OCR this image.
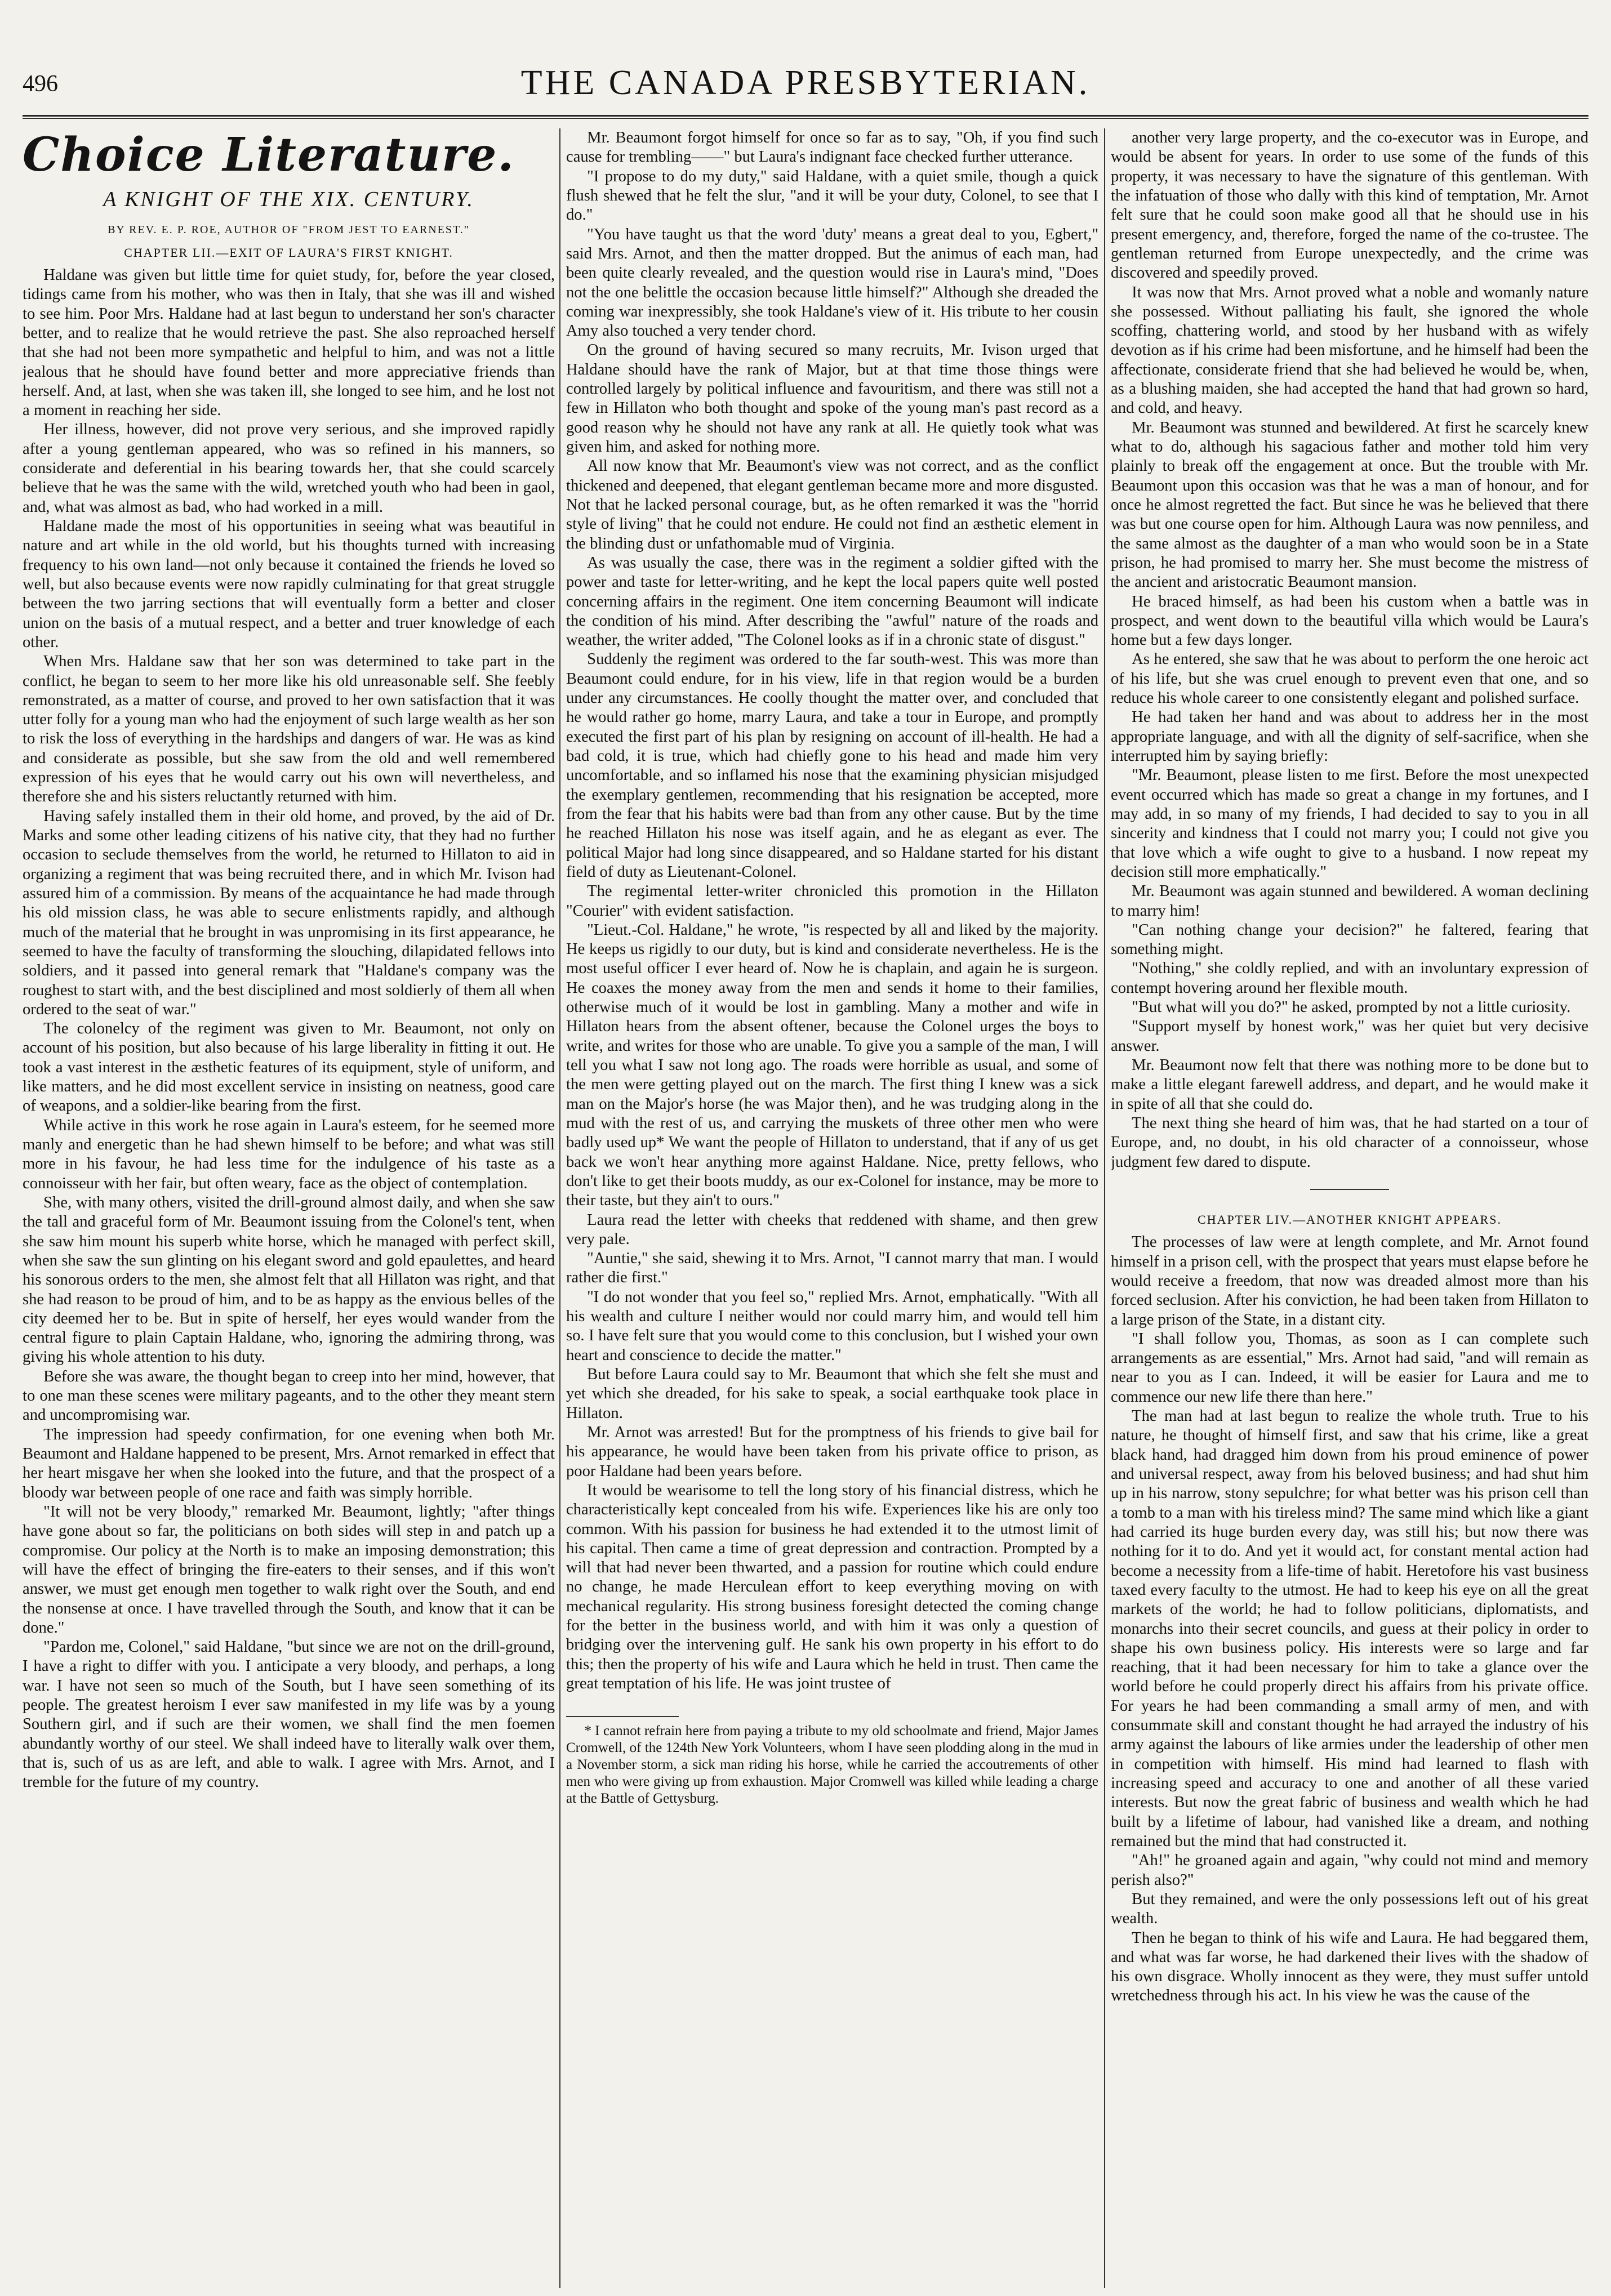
496	THE CANADA PRESBYTERIAN.
Choice Literature.
A KNIGHT OF THE XIX. CENTURY.
BY REV. E. P. ROE, AUTHOR OF "FROM JEST TO EARNEST."
CHAPTER LII.—EXIT OF LAURA'S FIRST KNIGHT.

Haldane was given but little time for quiet study, for, before the year closed, tidings came from his mother, who was then in Italy, that she was ill and wished to see him. Poor Mrs. Haldane had at last begun to understand her son's character better, and to realize that he would retrieve the past. She also reproached herself that she had not been more sympathetic and helpful to him, and was not a little jealous that he should have found better and more appreciative friends than herself. And, at last, when she was taken ill, she longed to see him, and he lost not a moment in reaching her side.

Her illness, however, did not prove very serious, and she improved rapidly after a young gentleman appeared, who was so refined in his manners, so considerate and deferential in his bearing towards her, that she could scarcely believe that he was the same with the wild, wretched youth who had been in gaol, and, what was almost as bad, who had worked in a mill.

Haldane made the most of his opportunities in seeing what was beautiful in nature and art while in the old world, but his thoughts turned with increasing frequency to his own land—not only because it contained the friends he loved so well, but also because events were now rapidly culminating for that great struggle between the two jarring sections that will eventually form a better and closer union on the basis of a mutual respect, and a better and truer knowledge of each other.

When Mrs. Haldane saw that her son was determined to take part in the conflict, he began to seem to her more like his old unreasonable self. She feebly remonstrated, as a matter of course, and proved to her own satisfaction that it was utter folly for a young man who had the enjoyment of such large wealth as her son to risk the loss of everything in the hardships and dangers of war. He was as kind and considerate as possible, but she saw from the old and well remembered expression of his eyes that he would carry out his own will nevertheless, and therefore she and his sisters reluctantly returned with him.

Having safely installed them in their old home, and proved, by the aid of Dr. Marks and some other leading citizens of his native city, that they had no further occasion to seclude themselves from the world, he returned to Hillaton to aid in organizing a regiment that was being recruited there, and in which Mr. Ivison had assured him of a commission. By means of the acquaintance he had made through his old mission class, he was able to secure enlistments rapidly, and although much of the material that he brought in was unpromising in its first appearance, he seemed to have the faculty of transforming the slouching, dilapidated fellows into soldiers, and it passed into general remark that "Haldane's company was the roughest to start with, and the best disciplined and most soldierly of them all when ordered to the seat of war."

The colonelcy of the regiment was given to Mr. Beaumont, not only on account of his position, but also because of his large liberality in fitting it out. He took a vast interest in the æsthetic features of its equipment, style of uniform, and like matters, and he did most excellent service in insisting on neatness, good care of weapons, and a soldier-like bearing from the first.

While active in this work he rose again in Laura's esteem, for he seemed more manly and energetic than he had shewn himself to be before; and what was still more in his favour, he had less time for the indulgence of his taste as a connoisseur with her fair, but often weary, face as the object of contemplation.

She, with many others, visited the drill-ground almost daily, and when she saw the tall and graceful form of Mr. Beaumont issuing from the Colonel's tent, when she saw him mount his superb white horse, which he managed with perfect skill, when she saw the sun glinting on his elegant sword and gold epaulettes, and heard his sonorous orders to the men, she almost felt that all Hillaton was right, and that she had reason to be proud of him, and to be as happy as the envious belles of the city deemed her to be. But in spite of herself, her eyes would wander from the central figure to plain Captain Haldane, who, ignoring the admiring throng, was giving his whole attention to his duty.

Before she was aware, the thought began to creep into her mind, however, that to one man these scenes were military pageants, and to the other they meant stern and uncompromising war.

The impression had speedy confirmation, for one evening when both Mr. Beaumont and Haldane happened to be present, Mrs. Arnot remarked in effect that her heart misgave her when she looked into the future, and that the prospect of a bloody war between people of one race and faith was simply horrible.

"It will not be very bloody," remarked Mr. Beaumont, lightly; "after things have gone about so far, the politicians on both sides will step in and patch up a compromise. Our policy at the North is to make an imposing demonstration; this will have the effect of bringing the fire-eaters to their senses, and if this won't answer, we must get enough men together to walk right over the South, and end the nonsense at once. I have travelled through the South, and know that it can be done."

"Pardon me, Colonel," said Haldane, "but since we are not on the drill-ground, I have a right to differ with you. I anticipate a very bloody, and perhaps, a long war. I have not seen so much of the South, but I have seen something of its people. The greatest heroism I ever saw manifested in my life was by a young Southern girl, and if such are their women, we shall find the men foemen abundantly worthy of our steel. We shall indeed have to literally walk over them, that is, such of us as are left, and able to walk. I agree with Mrs. Arnot, and I tremble for the future of my country.

Mr. Beaumont forgot himself for once so far as to say, "Oh, if you find such cause for trembling——" but Laura's indignant face checked further utterance.

"I propose to do my duty," said Haldane, with a quiet smile, though a quick flush shewed that he felt the slur, "and it will be your duty, Colonel, to see that I do."

"You have taught us that the word 'duty' means a great deal to you, Egbert," said Mrs. Arnot, and then the matter dropped. But the animus of each man, had been quite clearly revealed, and the question would rise in Laura's mind, "Does not the one belittle the occasion because little himself?" Although she dreaded the coming war inexpressibly, she took Haldane's view of it. His tribute to her cousin Amy also touched a very tender chord.

On the ground of having secured so many recruits, Mr. Ivison urged that Haldane should have the rank of Major, but at that time those things were controlled largely by political influence and favouritism, and there was still not a few in Hillaton who both thought and spoke of the young man's past record as a good reason why he should not have any rank at all. He quietly took what was given him, and asked for nothing more.

All now know that Mr. Beaumont's view was not correct, and as the conflict thickened and deepened, that elegant gentleman became more and more disgusted. Not that he lacked personal courage, but, as he often remarked it was the "horrid style of living" that he could not endure. He could not find an æsthetic element in the blinding dust or unfathomable mud of Virginia.

As was usually the case, there was in the regiment a soldier gifted with the power and taste for letter-writing, and he kept the local papers quite well posted concerning affairs in the regiment. One item concerning Beaumont will indicate the condition of his mind. After describing the "awful" nature of the roads and weather, the writer added, "The Colonel looks as if in a chronic state of disgust."

Suddenly the regiment was ordered to the far south-west. This was more than Beaumont could endure, for in his view, life in that region would be a burden under any circumstances. He coolly thought the matter over, and concluded that he would rather go home, marry Laura, and take a tour in Europe, and promptly executed the first part of his plan by resigning on account of ill-health. He had a bad cold, it is true, which had chiefly gone to his head and made him very uncomfortable, and so inflamed his nose that the examining physician misjudged the exemplary gentlemen, recommending that his resignation be accepted, more from the fear that his habits were bad than from any other cause. But by the time he reached Hillaton his nose was itself again, and he as elegant as ever. The political Major had long since disappeared, and so Haldane started for his distant field of duty as Lieutenant-Colonel.

The regimental letter-writer chronicled this promotion in the Hillaton "Courier" with evident satisfaction.

"Lieut.-Col. Haldane," he wrote, "is respected by all and liked by the majority. He keeps us rigidly to our duty, but is kind and considerate nevertheless. He is the most useful officer I ever heard of. Now he is chaplain, and again he is surgeon. He coaxes the money away from the men and sends it home to their families, otherwise much of it would be lost in gambling. Many a mother and wife in Hillaton hears from the absent oftener, because the Colonel urges the boys to write, and writes for those who are unable. To give you a sample of the man, I will tell you what I saw not long ago. The roads were horrible as usual, and some of the men were getting played out on the march. The first thing I knew was a sick man on the Major's horse (he was Major then), and he was trudging along in the mud with the rest of us, and carrying the muskets of three other men who were badly used up* We want the people of Hillaton to understand, that if any of us get back we won't hear anything more against Haldane. Nice, pretty fellows, who don't like to get their boots muddy, as our ex-Colonel for instance, may be more to their taste, but they ain't to ours."

Laura read the letter with cheeks that reddened with shame, and then grew very pale.

"Auntie," she said, shewing it to Mrs. Arnot, "I cannot marry that man. I would rather die first."

"I do not wonder that you feel so," replied Mrs. Arnot, emphatically. "With all his wealth and culture I neither would nor could marry him, and would tell him so. I have felt sure that you would come to this conclusion, but I wished your own heart and conscience to decide the matter."

But before Laura could say to Mr. Beaumont that which she felt she must and yet which she dreaded, for his sake to speak, a social earthquake took place in Hillaton.

Mr. Arnot was arrested! But for the promptness of his friends to give bail for his appearance, he would have been taken from his private office to prison, as poor Haldane had been years before.

It would be wearisome to tell the long story of his financial distress, which he characteristically kept concealed from his wife. Experiences like his are only too common. With his passion for business he had extended it to the utmost limit of his capital. Then came a time of great depression and contraction. Prompted by a will that had never been thwarted, and a passion for routine which could endure no change, he made Herculean effort to keep everything moving on with mechanical regularity. His strong business foresight detected the coming change for the better in the business world, and with him it was only a question of bridging over the intervening gulf. He sank his own property in his effort to do this; then the property of his wife and Laura which he held in trust. Then came the great temptation of his life. He was joint trustee of

* I cannot refrain here from paying a tribute to my old schoolmate and friend, Major James Cromwell, of the 124th New York Volunteers, whom I have seen plodding along in the mud in a November storm, a sick man riding his horse, while he carried the accoutrements of other men who were giving up from exhaustion. Major Cromwell was killed while leading a charge at the Battle of Gettysburg.

another very large property, and the co-executor was in Europe, and would be absent for years. In order to use some of the funds of this property, it was necessary to have the signature of this gentleman. With the infatuation of those who dally with this kind of temptation, Mr. Arnot felt sure that he could soon make good all that he should use in his present emergency, and, therefore, forged the name of the co-trustee. The gentleman returned from Europe unexpectedly, and the crime was discovered and speedily proved.

It was now that Mrs. Arnot proved what a noble and womanly nature she possessed. Without palliating his fault, she ignored the whole scoffing, chattering world, and stood by her husband with as wifely devotion as if his crime had been misfortune, and he himself had been the affectionate, considerate friend that she had believed he would be, when, as a blushing maiden, she had accepted the hand that had grown so hard, and cold, and heavy.

Mr. Beaumont was stunned and bewildered. At first he scarcely knew what to do, although his sagacious father and mother told him very plainly to break off the engagement at once. But the trouble with Mr. Beaumont upon this occasion was that he was a man of honour, and for once he almost regretted the fact. But since he was he believed that there was but one course open for him. Although Laura was now penniless, and the same almost as the daughter of a man who would soon be in a State prison, he had promised to marry her. She must become the mistress of the ancient and aristocratic Beaumont mansion.

He braced himself, as had been his custom when a battle was in prospect, and went down to the beautiful villa which would be Laura's home but a few days longer.

As he entered, she saw that he was about to perform the one heroic act of his life, but she was cruel enough to prevent even that one, and so reduce his whole career to one consistently elegant and polished surface.

He had taken her hand and was about to address her in the most appropriate language, and with all the dignity of self-sacrifice, when she interrupted him by saying briefly:

"Mr. Beaumont, please listen to me first. Before the most unexpected event occurred which has made so great a change in my fortunes, and I may add, in so many of my friends, I had decided to say to you in all sincerity and kindness that I could not marry you; I could not give you that love which a wife ought to give to a husband. I now repeat my decision still more emphatically."

Mr. Beaumont was again stunned and bewildered. A woman declining to marry him!

"Can nothing change your decision?" he faltered, fearing that something might.

"Nothing," she coldly replied, and with an involuntary expression of contempt hovering around her flexible mouth.

"But what will you do?" he asked, prompted by not a little curiosity.

"Support myself by honest work," was her quiet but very decisive answer.

Mr. Beaumont now felt that there was nothing more to be done but to make a little elegant farewell address, and depart, and he would make it in spite of all that she could do.

The next thing she heard of him was, that he had started on a tour of Europe, and, no doubt, in his old character of a connoisseur, whose judgment few dared to dispute.

CHAPTER LIV.—ANOTHER KNIGHT APPEARS.

The processes of law were at length complete, and Mr. Arnot found himself in a prison cell, with the prospect that years must elapse before he would receive a freedom, that now was dreaded almost more than his forced seclusion. After his conviction, he had been taken from Hillaton to a large prison of the State, in a distant city.

"I shall follow you, Thomas, as soon as I can complete such arrangements as are essential," Mrs. Arnot had said, "and will remain as near to you as I can. Indeed, it will be easier for Laura and me to commence our new life there than here."

The man had at last begun to realize the whole truth. True to his nature, he thought of himself first, and saw that his crime, like a great black hand, had dragged him down from his proud eminence of power and universal respect, away from his beloved business; and had shut him up in his narrow, stony sepulchre; for what better was his prison cell than a tomb to a man with his tireless mind? The same mind which like a giant had carried its huge burden every day, was still his; but now there was nothing for it to do. And yet it would act, for constant mental action had become a necessity from a life-time of habit. Heretofore his vast business taxed every faculty to the utmost. He had to keep his eye on all the great markets of the world; he had to follow politicians, diplomatists, and monarchs into their secret councils, and guess at their policy in order to shape his own business policy. His interests were so large and far reaching, that it had been necessary for him to take a glance over the world before he could properly direct his affairs from his private office. For years he had been commanding a small army of men, and with consummate skill and constant thought he had arrayed the industry of his army against the labours of like armies under the leadership of other men in competition with himself. His mind had learned to flash with increasing speed and accuracy to one and another of all these varied interests. But now the great fabric of business and wealth which he had built by a lifetime of labour, had vanished like a dream, and nothing remained but the mind that had constructed it.

"Ah!" he groaned again and again, "why could not mind and memory perish also?"

But they remained, and were the only possessions left out of his great wealth.

Then he began to think of his wife and Laura. He had beggared them, and what was far worse, he had darkened their lives with the shadow of his own disgrace. Wholly innocent as they were, they must suffer untold wretchedness through his act. In his view he was the cause of the
